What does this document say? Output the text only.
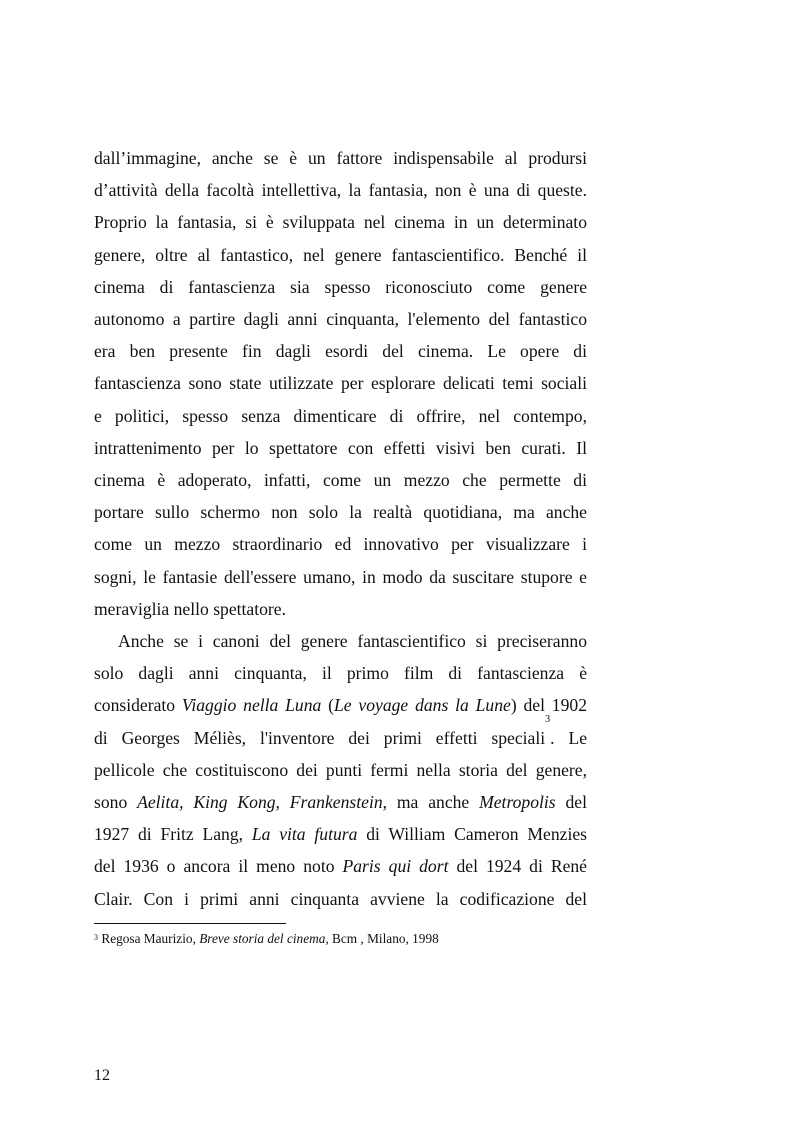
dall’immagine, anche se è un fattore indispensabile al prodursi
d’attività della facoltà intellettiva, la fantasia, non è una di queste.
Proprio la fantasia, si è sviluppata nel cinema in un determinato
genere, oltre al fantastico, nel genere fantascientifico. Benché il
cinema di fantascienza sia spesso riconosciuto come genere
autonomo a partire dagli anni cinquanta, l'elemento del fantastico
era ben presente fin dagli esordi del cinema. Le opere di
fantascienza sono state utilizzate per esplorare delicati temi sociali
e politici, spesso senza dimenticare di offrire, nel contempo,
intrattenimento per lo spettatore con effetti visivi ben curati. Il
cinema è adoperato, infatti, come un mezzo che permette di
portare sullo schermo non solo la realtà quotidiana, ma anche
come un mezzo straordinario ed innovativo per visualizzare i
sogni, le fantasie dell'essere umano, in modo da suscitare stupore e
meraviglia nello spettatore.
Anche se i canoni del genere fantascientifico si preciseranno
solo dagli anni cinquanta, il primo film di fantascienza è
considerato Viaggio nella Luna (Le voyage dans la Lune) del 1902
di Georges Méliès, l'inventore dei primi effetti speciali$^3$. Le
pellicole che costituiscono dei punti fermi nella storia del genere,
sono Aelita, King Kong, Frankenstein, ma anche Metropolis del
1927 di Fritz Lang, La vita futura di William Cameron Menzies
del 1936 o ancora il meno noto Paris qui dort del 1924 di René
Clair. Con i primi anni cinquanta avviene la codificazione del
$^3$ Regosa Maurizio, Breve storia del cinema, Bcm , Milano, 1998
12
